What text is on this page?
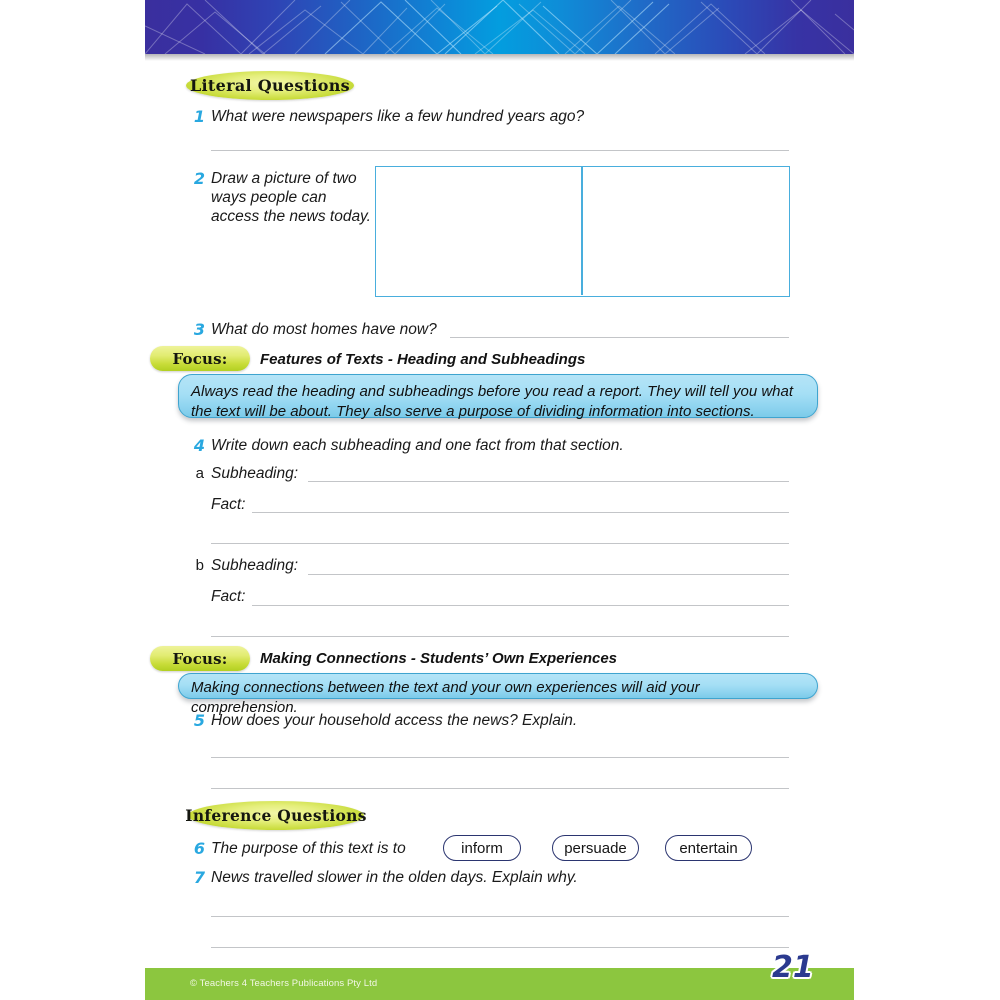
Literal Questions
1 What were newspapers like a few hundred years ago?
2 Draw a picture of two ways people can access the news today.
3 What do most homes have now?
Focus: Features of Texts - Heading and Subheadings

Always read the heading and subheadings before you read a report. They will tell you what the text will be about. They also serve a purpose of dividing information into sections.

4 Write down each subheading and one fact from that section.
a Subheading:
Fact:
b Subheading:
Fact:
Focus: Making Connections - Students’ Own Experiences

Making connections between the text and your own experiences will aid your comprehension.

5 How does your household access the news? Explain.
Inference Questions
6 The purpose of this text is to	inform	persuade	entertain
7 News travelled slower in the olden days. Explain why.
© Teachers 4 Teachers Publications Pty Ltd	21
